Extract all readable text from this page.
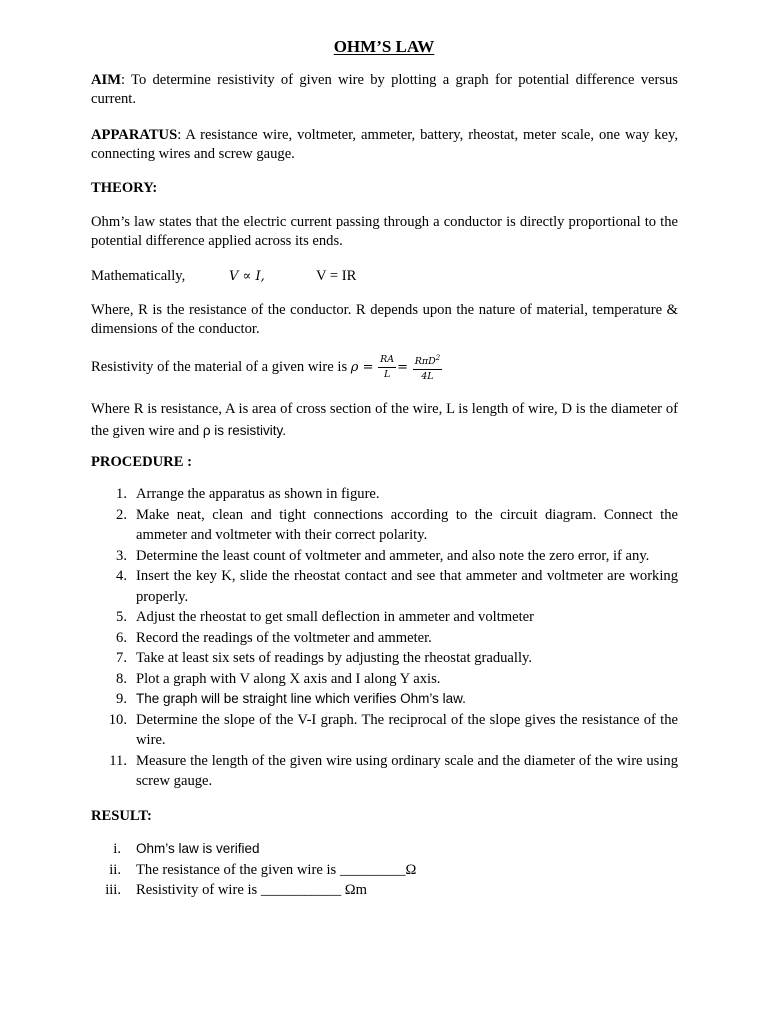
OHM’S LAW
AIM: To determine resistivity of given wire by plotting a graph for potential difference versus current.
APPARATUS: A resistance wire, voltmeter, ammeter, battery, rheostat, meter scale, one way key, connecting wires and screw gauge.
THEORY:
Ohm’s law states that the electric current passing through a conductor is directly proportional to the potential difference applied across its ends.
Mathematically,	V ∝ I,	V = IR
Where, R is the resistance of the conductor. R depends upon the nature of material, temperature & dimensions of the conductor.
Resistivity of the material of a given wire is $\rho = \frac{RA}{L} = \frac{R\pi D^2}{4L}$
Where R is resistance, A is area of cross section of the wire, L is length of wire, D is the diameter of the given wire and ρ is resistivity.
PROCEDURE :
1. Arrange the apparatus as shown in figure.
2. Make neat, clean and tight connections according to the circuit diagram. Connect the ammeter and voltmeter with their correct polarity.
3. Determine the least count of voltmeter and ammeter, and also note the zero error, if any.
4. Insert the key K, slide the rheostat contact and see that ammeter and voltmeter are working properly.
5. Adjust the rheostat to get small deflection in ammeter and voltmeter
6. Record the readings of the voltmeter and ammeter.
7. Take at least six sets of readings by adjusting the rheostat gradually.
8. Plot a graph with V along X axis and I along Y axis.
9. The graph will be straight line which verifies Ohm’s law.
10. Determine the slope of the V-I graph. The reciprocal of the slope gives the resistance of the wire.
11. Measure the length of the given wire using ordinary scale and the diameter of the wire using screw gauge.
RESULT:
i. Ohm’s law is verified
ii. The resistance of the given wire is _________Ω
iii. Resistivity of wire is ___________ Ωm
